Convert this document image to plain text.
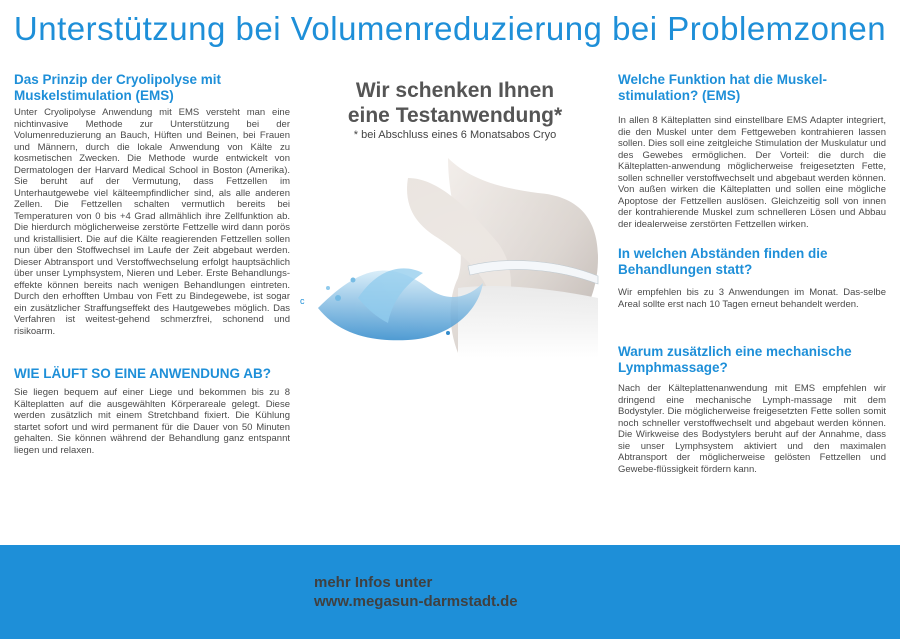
Unterstützung bei Volumenreduzierung bei Problemzonen
Das Prinzip der Cryolipolyse mit Muskelstimulation (EMS)

Unter Cryolipolyse Anwendung mit EMS versteht man eine nichtinvasive Methode zur Unterstützung bei der Volumenreduzierung an Bauch, Hüften und Beinen, bei Frauen und Männern, durch die lokale Anwendung von Kälte zu kosmetischen Zwecken. Die Methode wurde entwickelt von Dermatologen der Harvard Medical School in Boston (Amerika). Sie beruht auf der Vermutung, dass Fettzellen im Unterhautgewebe viel kälteempfindlicher sind, als alle anderen Zellen. Die Fettzellen schalten vermutlich bereits bei Temperaturen von 0 bis +4 Grad allmählich ihre Zellfunktion ab. Die hierdurch möglicherweise zerstörte Fettzelle wird dann porös und kristallisiert. Die auf die Kälte reagierenden Fettzellen sollen nun über den Stoffwechsel im Laufe der Zeit abgebaut werden. Dieser Abtransport und Verstoffwechselung erfolgt hauptsächlich über unser Lymphsystem, Nieren und Leber. Erste Behandlungs-effekte können bereits nach wenigen Behandlungen eintreten. Durch den erhofften Umbau von Fett zu Bindegewebe, ist sogar ein zusätzlicher Straffungseffekt des Hautgewebes möglich. Das Verfahren ist weitest-gehend schmerzfrei, schonend und risikoarm.

WIE LÄUFT SO EINE ANWENDUNG AB?

Sie liegen bequem auf einer Liege und bekommen bis zu 8 Kälteplatten auf die ausgewählten Körperareale gelegt. Diese werden zusätzlich mit einem Stretchband fixiert. Die Kühlung startet sofort und wird permanent für die Dauer von 50 Minuten gehalten. Sie können während der Behandlung ganz entspannt liegen und relaxen.

Wir schenken Ihnen
eine Testanwendung*
* bei Abschluss eines 6 Monatsabos Cryo
c
Welche Funktion hat die Muskel-stimulation? (EMS)

In allen 8 Kälteplatten sind einstellbare EMS Adapter integriert, die den Muskel unter dem Fettgeweben kontrahieren lassen sollen. Dies soll eine zeitgleiche Stimulation der Muskulatur und des Gewebes ermöglichen. Der Vorteil: die durch die Kälteplatten-anwendung möglicherweise freigesetzten Fette, sollen schneller verstoffwechselt und abgebaut werden können. Von außen wirken die Kälteplatten und sollen eine mögliche Apoptose der Fettzellen auslösen. Gleichzeitig soll von innen der kontrahierende Muskel zum schnelleren Lösen und Abbau der idealerweise zerstörten Fettzellen wirken.

In welchen Abständen finden die Behandlungen statt?

Wir empfehlen bis zu 3 Anwendungen im Monat. Das-selbe Areal sollte erst nach 10 Tagen erneut behandelt werden.

Warum zusätzlich eine mechanische Lymphmassage?

Nach der Kälteplattenanwendung mit EMS empfehlen wir dringend eine mechanische Lymph-massage mit dem Bodystyler. Die möglicherweise freigesetzten Fette sollen somit noch schneller verstoffwechselt und abgebaut werden können. Die Wirkweise des Bodystylers beruht auf der Annahme, dass sie unser Lymphsystem aktiviert und den maximalen Abtransport der möglicherweise gelösten Fettzellen und Gewebe-flüssigkeit fördern kann.

mehr Infos unter
www.megasun-darmstadt.de
